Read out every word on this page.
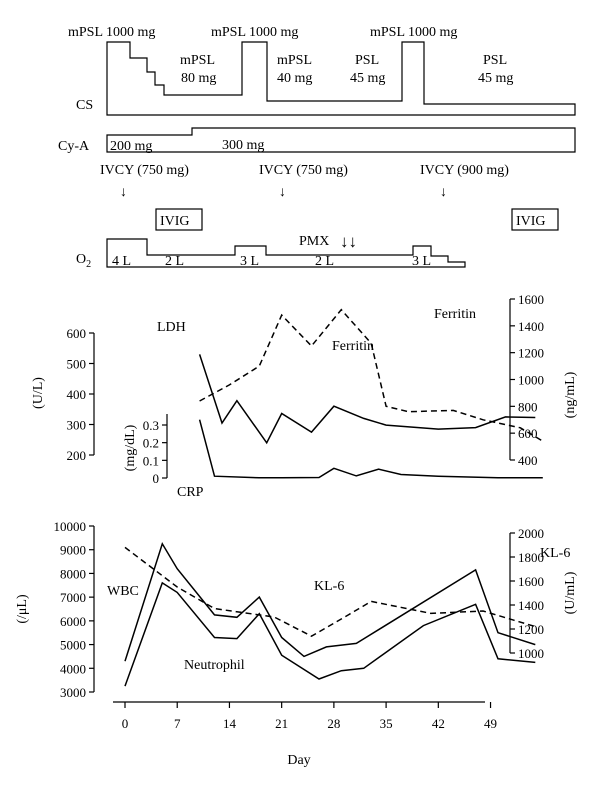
CS
mPSL 1000 mg
mPSL
80 mg
mPSL 1000 mg
mPSL
40 mg
PSL
45 mg
mPSL 1000 mg
PSL
45 mg
Cy-A 200 mg	300 mg
IVCY (750 mg)
↓
IVCY (750 mg)
↓
IVCY (900 mg)
↓
IVIG	IVIG
PMX ↓↓
$O_2$ 4 L 2 L	3 L	2 L	3 L
200
300
400
500
600
400
600
800
1000
1200
1400
1600
0
0.1
0.2
0.3
(U/L)
(mg/dL)
(ng/mL)
Ferritin
LDH
Ferritin
CRP
3000
4000
5000
6000
7000
8000
9000
10000
1000
1200
1400
1600
1800
2000
0	7	14	21	28	35	42	49
(/μL)	(U/mL)
KL-6
Day
WBC
Neutrophil
KL-6
